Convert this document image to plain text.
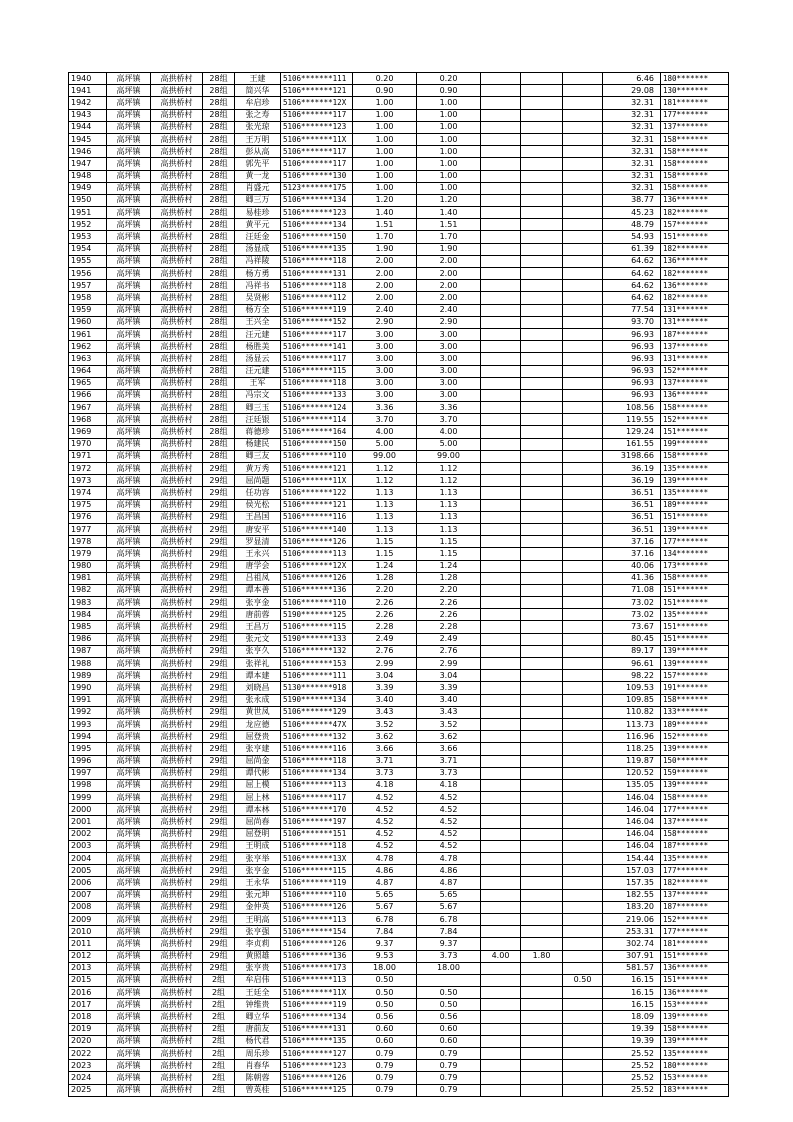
1940	高坪镇	高拱桥村	28组	王建	5106*******111	0.20	0.20				6.46	180*******
1941	高坪镇	高拱桥村	28组	简兴华	5106*******121	0.90	0.90				29.08	130*******
1942	高坪镇	高拱桥村	28组	牟启珍	5106*******12X	1.00	1.00				32.31	181*******
1943	高坪镇	高拱桥村	28组	张之寿	5106*******117	1.00	1.00				32.31	177*******
1944	高坪镇	高拱桥村	28组	张光琼	5106*******123	1.00	1.00				32.31	137*******
1945	高坪镇	高拱桥村	28组	王万明	5106*******11X	1.00	1.00				32.31	158*******
1946	高坪镇	高拱桥村	28组	彭从高	5106*******117	1.00	1.00				32.31	158*******
1947	高坪镇	高拱桥村	28组	郭先平	5106*******117	1.00	1.00				32.31	158*******
1948	高坪镇	高拱桥村	28组	黄一龙	5106*******130	1.00	1.00				32.31	158*******
1949	高坪镇	高拱桥村	28组	肖盛元	5123*******175	1.00	1.00				32.31	158*******
1950	高坪镇	高拱桥村	28组	卿三万	5106*******134	1.20	1.20				38.77	136*******
1951	高坪镇	高拱桥村	28组	易桂珍	5106*******123	1.40	1.40				45.23	182*******
1952	高坪镇	高拱桥村	28组	黄平元	5106*******134	1.51	1.51				48.79	157*******
1953	高坪镇	高拱桥村	28组	汪廷金	5106*******150	1.70	1.70				54.93	151*******
1954	高坪镇	高拱桥村	28组	汤显成	5106*******135	1.90	1.90				61.39	182*******
1955	高坪镇	高拱桥村	28组	冯祥陵	5106*******118	2.00	2.00				64.62	136*******
1956	高坪镇	高拱桥村	28组	杨方勇	5106*******131	2.00	2.00				64.62	182*******
1957	高坪镇	高拱桥村	28组	冯祥书	5106*******118	2.00	2.00				64.62	136*******
1958	高坪镇	高拱桥村	28组	吴贤彬	5106*******112	2.00	2.00				64.62	182*******
1959	高坪镇	高拱桥村	28组	杨方全	5106*******119	2.40	2.40				77.54	131*******
1960	高坪镇	高拱桥村	28组	王兴全	5106*******152	2.90	2.90				93.70	131*******
1961	高坪镇	高拱桥村	28组	汪元建	5106*******117	3.00	3.00				96.93	187*******
1962	高坪镇	高拱桥村	28组	杨胜美	5106*******141	3.00	3.00				96.93	137*******
1963	高坪镇	高拱桥村	28组	汤显云	5106*******117	3.00	3.00				96.93	131*******
1964	高坪镇	高拱桥村	28组	汪元建	5106*******115	3.00	3.00				96.93	152*******
1965	高坪镇	高拱桥村	28组	王军	5106*******118	3.00	3.00				96.93	137*******
1966	高坪镇	高拱桥村	28组	冯宗文	5106*******133	3.00	3.00				96.93	136*******
1967	高坪镇	高拱桥村	28组	卿三玉	5106*******124	3.36	3.36				108.56	158*******
1968	高坪镇	高拱桥村	28组	汪廷银	5106*******114	3.70	3.70				119.55	152*******
1969	高坪镇	高拱桥村	28组	蒋德珍	5106*******164	4.00	4.00				129.24	151*******
1970	高坪镇	高拱桥村	28组	杨建民	5106*******150	5.00	5.00				161.55	199*******
1971	高坪镇	高拱桥村	28组	卿三友	5106*******110	99.00	99.00				3198.66	158*******
1972	高坪镇	高拱桥村	29组	黄万秀	5106*******121	1.12	1.12				36.19	135*******
1973	高坪镇	高拱桥村	29组	屈尚题	5106*******11X	1.12	1.12				36.19	139*******
1974	高坪镇	高拱桥村	29组	任功容	5106*******122	1.13	1.13				36.51	135*******
1975	高坪镇	高拱桥村	29组	侯光松	5106*******121	1.13	1.13				36.51	189*******
1976	高坪镇	高拱桥村	29组	王昌国	5106*******116	1.13	1.13				36.51	151*******
1977	高坪镇	高拱桥村	29组	唐安平	5106*******140	1.13	1.13				36.51	139*******
1978	高坪镇	高拱桥村	29组	罗显清	5106*******126	1.15	1.15				37.16	177*******
1979	高坪镇	高拱桥村	29组	王永兴	5106*******113	1.15	1.15				37.16	134*******
1980	高坪镇	高拱桥村	29组	唐学会	5106*******12X	1.24	1.24				40.06	173*******
1981	高坪镇	高拱桥村	29组	吕祖凤	5106*******126	1.28	1.28				41.36	158*******
1982	高坪镇	高拱桥村	29组	谭本善	5106*******136	2.20	2.20				71.08	151*******
1983	高坪镇	高拱桥村	29组	张亨金	5106*******110	2.26	2.26				73.02	151*******
1984	高坪镇	高拱桥村	29组	唐前蓉	5190*******125	2.26	2.26				73.02	135*******
1985	高坪镇	高拱桥村	29组	王昌万	5106*******115	2.28	2.28				73.67	151*******
1986	高坪镇	高拱桥村	29组	张元文	5190*******133	2.49	2.49				80.45	151*******
1987	高坪镇	高拱桥村	29组	张亨久	5106*******132	2.76	2.76				89.17	139*******
1988	高坪镇	高拱桥村	29组	张祥礼	5106*******153	2.99	2.99				96.61	139*******
1989	高坪镇	高拱桥村	29组	谭本建	5106*******111	3.04	3.04				98.22	157*******
1990	高坪镇	高拱桥村	29组	刘晓昌	5130*******918	3.39	3.39				109.53	191*******
1991	高坪镇	高拱桥村	29组	张永成	5190*******134	3.40	3.40				109.85	158*******
1992	高坪镇	高拱桥村	29组	黄世凤	5106*******129	3.43	3.43				110.82	133*******
1993	高坪镇	高拱桥村	29组	龙应德	5106*******47X	3.52	3.52				113.73	189*******
1994	高坪镇	高拱桥村	29组	屈登贵	5106*******132	3.62	3.62				116.96	152*******
1995	高坪镇	高拱桥村	29组	张亨建	5106*******116	3.66	3.66				118.25	139*******
1996	高坪镇	高拱桥村	29组	屈尚金	5106*******118	3.71	3.71				119.87	150*******
1997	高坪镇	高拱桥村	29组	谭代彬	5106*******134	3.73	3.73				120.52	159*******
1998	高坪镇	高拱桥村	29组	屈上模	5106*******113	4.18	4.18				135.05	139*******
1999	高坪镇	高拱桥村	29组	屈上林	5106*******117	4.52	4.52				146.04	158*******
2000	高坪镇	高拱桥村	29组	谭本林	5106*******170	4.52	4.52				146.04	177*******
2001	高坪镇	高拱桥村	29组	屈尚春	5106*******197	4.52	4.52				146.04	137*******
2002	高坪镇	高拱桥村	29组	屈登明	5106*******151	4.52	4.52				146.04	158*******
2003	高坪镇	高拱桥村	29组	王明成	5106*******118	4.52	4.52				146.04	187*******
2004	高坪镇	高拱桥村	29组	张亨举	5106*******13X	4.78	4.78				154.44	135*******
2005	高坪镇	高拱桥村	29组	张亨金	5106*******115	4.86	4.86				157.03	177*******
2006	高坪镇	高拱桥村	29组	王永华	5106*******119	4.87	4.87				157.35	182*******
2007	高坪镇	高拱桥村	29组	张元坤	5106*******110	5.65	5.65				182.55	137*******
2008	高坪镇	高拱桥村	29组	金仲英	5106*******126	5.67	5.67				183.20	187*******
2009	高坪镇	高拱桥村	29组	王明高	5106*******113	6.78	6.78				219.06	152*******
2010	高坪镇	高拱桥村	29组	张亨强	5106*******154	7.84	7.84				253.31	177*******
2011	高坪镇	高拱桥村	29组	李贞莉	5106*******126	9.37	9.37				302.74	181*******
2012	高坪镇	高拱桥村	29组	黄照雄	5106*******136	9.53	3.73	4.00	1.80		307.91	151*******
2013	高坪镇	高拱桥村	29组	张亨贵	5106*******173	18.00	18.00				581.57	136*******
2015	高坪镇	高拱桥村	2组	牟启伟	5106*******113	0.50				0.50	16.15	151*******
2016	高坪镇	高拱桥村	2组	王廷全	5106*******11X	0.50	0.50				16.15	136*******
2017	高坪镇	高拱桥村	2组	钟维贵	5106*******119	0.50	0.50				16.15	153*******
2018	高坪镇	高拱桥村	2组	卿立华	5106*******134	0.56	0.56				18.09	139*******
2019	高坪镇	高拱桥村	2组	唐前友	5106*******131	0.60	0.60				19.39	158*******
2020	高坪镇	高拱桥村	2组	杨代君	5106*******135	0.60	0.60				19.39	139*******
2022	高坪镇	高拱桥村	2组	周乐珍	5106*******127	0.79	0.79				25.52	135*******
2023	高坪镇	高拱桥村	2组	肖春华	5106*******123	0.79	0.79				25.52	180*******
2024	高坪镇	高拱桥村	2组	陈朝蓉	5106*******126	0.79	0.79				25.52	153*******
2025	高坪镇	高拱桥村	2组	曾英桂	5106*******125	0.79	0.79				25.52	183*******
